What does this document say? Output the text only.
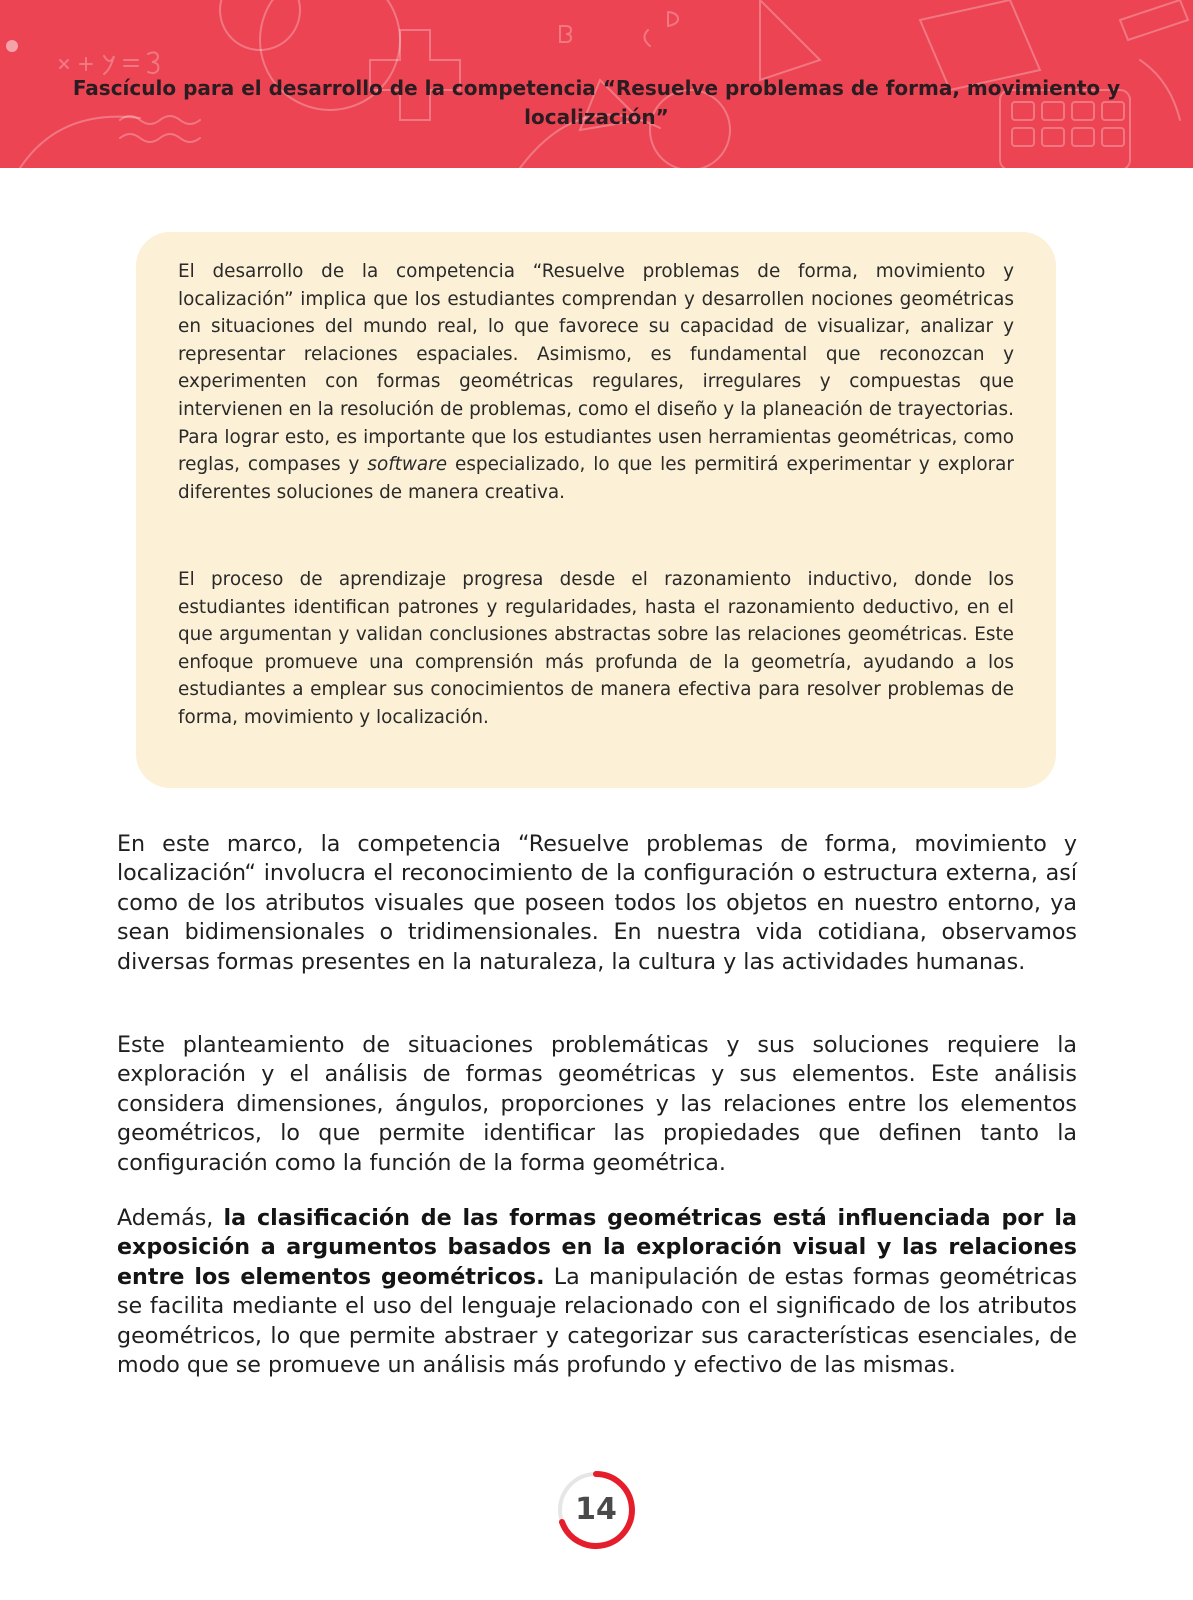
Fascículo para el desarrollo de la competencia “Resuelve problemas de forma, movimiento y localización”

El desarrollo de la competencia “Resuelve problemas de forma, movimiento y localización” implica que los estudiantes comprendan y desarrollen nociones geométricas en situaciones del mundo real, lo que favorece su capacidad de visualizar, analizar y representar relaciones espaciales. Asimismo, es fundamental que reconozcan y experimenten con formas geométricas regulares, irregulares y compuestas que intervienen en la resolución de problemas, como el diseño y la planeación de trayectorias. Para lograr esto, es importante que los estudiantes usen herramientas geométricas, como reglas, compases y software especializado, lo que les permitirá experimentar y explorar diferentes soluciones de manera creativa.

El proceso de aprendizaje progresa desde el razonamiento inductivo, donde los estudiantes identifican patrones y regularidades, hasta el razonamiento deductivo, en el que argumentan y validan conclusiones abstractas sobre las relaciones geométricas. Este enfoque promueve una comprensión más profunda de la geometría, ayudando a los estudiantes a emplear sus conocimientos de manera efectiva para resolver problemas de forma, movimiento y localización.

En este marco, la competencia “Resuelve problemas de forma, movimiento y localización“ involucra el reconocimiento de la configuración o estructura externa, así como de los atributos visuales que poseen todos los objetos en nuestro entorno, ya sean bidimensionales o tridimensionales. En nuestra vida cotidiana, observamos diversas formas presentes en la naturaleza, la cultura y las actividades humanas.

Este planteamiento de situaciones problemáticas y sus soluciones requiere la exploración y el análisis de formas geométricas y sus elementos. Este análisis considera dimensiones, ángulos, proporciones y las relaciones entre los elementos geométricos, lo que permite identificar las propiedades que definen tanto la configuración como la función de la forma geométrica.

Además, la clasificación de las formas geométricas está influenciada por la exposición a argumentos basados en la exploración visual y las relaciones entre los elementos geométricos. La manipulación de estas formas geométricas se facilita mediante el uso del lenguaje relacionado con el significado de los atributos geométricos, lo que permite abstraer y categorizar sus características esenciales, de modo que se promueve un análisis más profundo y efectivo de las mismas.

14
